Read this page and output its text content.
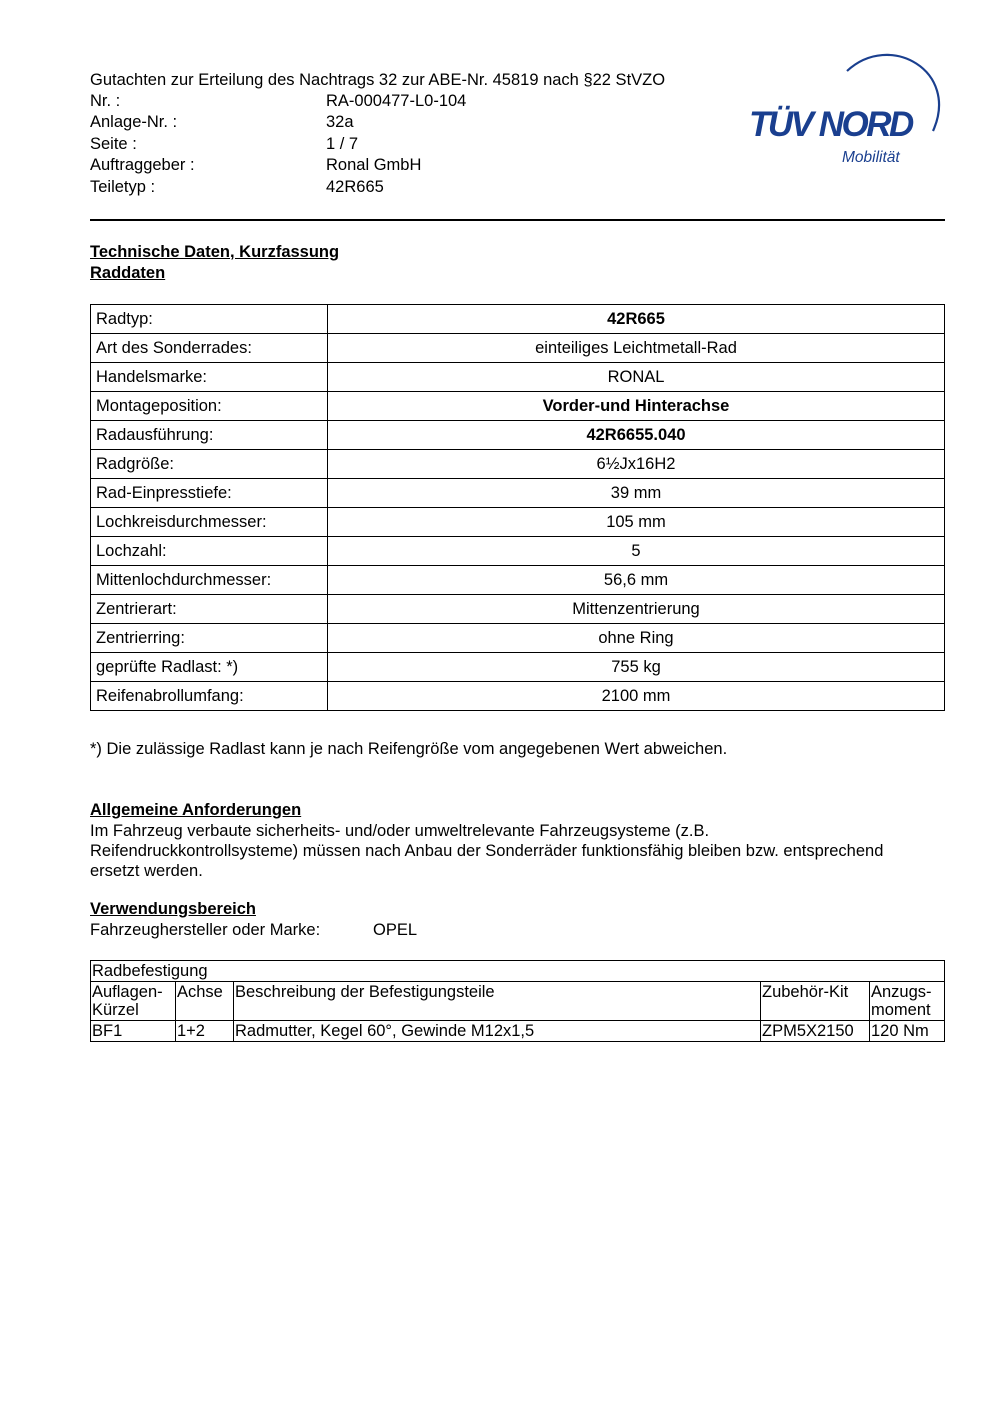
Gutachten zur Erteilung des Nachtrags 32 zur ABE-Nr. 45819 nach §22 StVZO
Nr. :	RA-000477-L0-104
Anlage-Nr. :	32a
Seite :	1 / 7
Auftraggeber :	Ronal GmbH
Teiletyp :	42R665
TÜV NORD
Mobilität
Technische Daten, Kurzfassung
Raddaten
Radtyp:	42R665
Art des Sonderrades:	einteiliges Leichtmetall-Rad
Handelsmarke:	RONAL
Montageposition:	Vorder-und Hinterachse
Radausführung:	42R6655.040
Radgröße:	6½Jx16H2
Rad-Einpresstiefe:	39 mm
Lochkreisdurchmesser:	105 mm
Lochzahl:	5
Mittenlochdurchmesser:	56,6 mm
Zentrierart:	Mittenzentrierung
Zentrierring:	ohne Ring
geprüfte Radlast: *)	755 kg
Reifenabrollumfang:	2100 mm
*) Die zulässige Radlast kann je nach Reifengröße vom angegebenen Wert abweichen.
Allgemeine Anforderungen
Im Fahrzeug verbaute sicherheits- und/oder umweltrelevante Fahrzeugsysteme (z.B. Reifendruckkontrollsysteme) müssen nach Anbau der Sonderräder funktionsfähig bleiben bzw. entsprechend ersetzt werden.
Verwendungsbereich
Fahrzeughersteller oder Marke:	OPEL
Radbefestigung				
Auflagen-
Kürzel	Achse	Beschreibung der Befestigungsteile	Zubehör-Kit	Anzugs-
moment
BF1	1+2	Radmutter, Kegel 60°, Gewinde M12x1,5	ZPM5X2150	120 Nm
